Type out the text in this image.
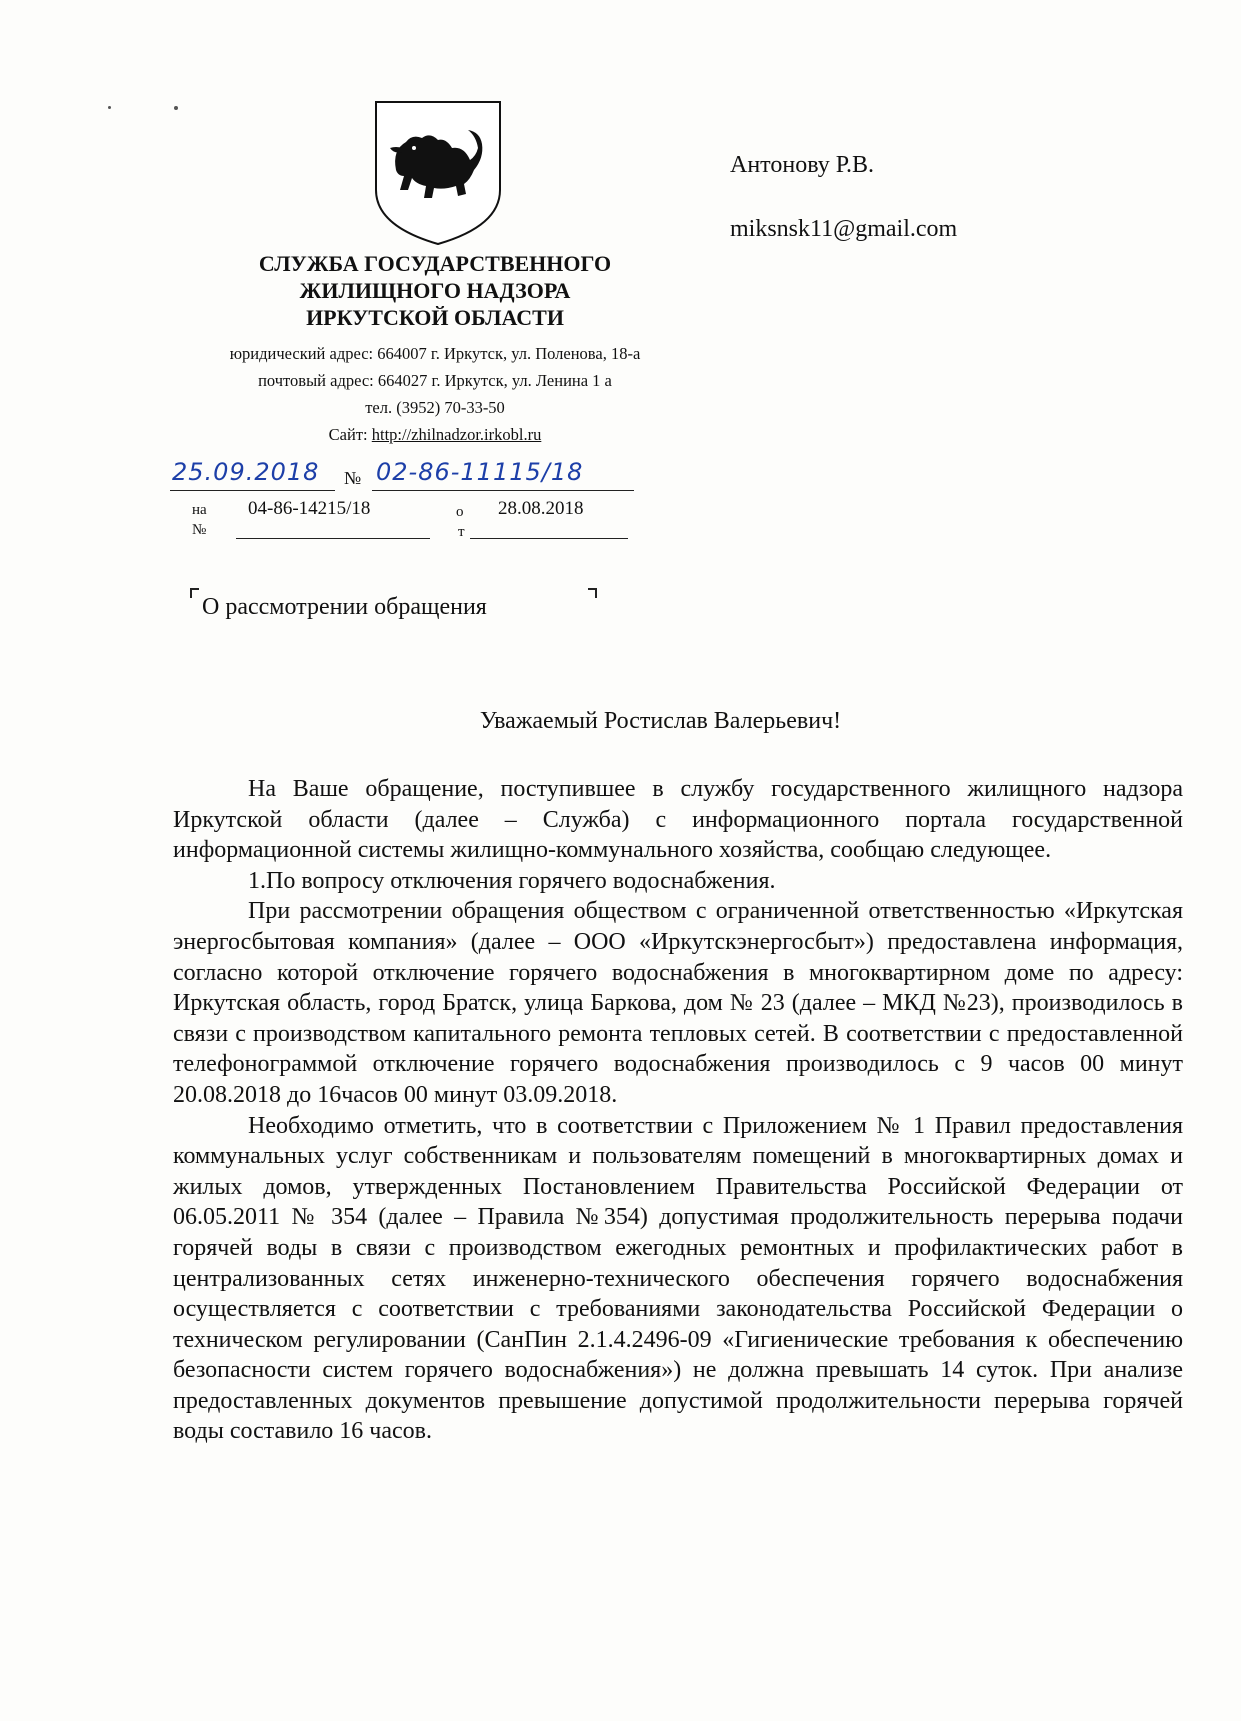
СЛУЖБА ГОСУДАРСТВЕННОГО
ЖИЛИЩНОГО НАДЗОРА
ИРКУТСКОЙ ОБЛАСТИ
юридический адрес: 664007 г. Иркутск, ул. Поленова, 18-а
почтовый адрес: 664027 г. Иркутск, ул. Ленина 1 а
тел. (3952) 70-33-50
Сайт: http://zhilnadzor.irkobl.ru
Антонову Р.В.
miksnsk11@gmail.com
25.09.2018 № 02-86-11115/18
на
№
04-86-14215/18	о
т
28.08.2018
О рассмотрении обращения
Уважаемый Ростислав Валерьевич!

На Ваше обращение, поступившее в службу государственного жилищного надзора Иркутской области (далее – Служба) с информационного портала государственной информационной системы жилищно-коммунального хозяйства, сообщаю следующее.

1.По вопросу отключения горячего водоснабжения.

При рассмотрении обращения обществом с ограниченной ответственностью «Иркутская энергосбытовая компания» (далее – ООО «Иркутскэнергосбыт») предоставлена информация, согласно которой отключение горячего водоснабжения в многоквартирном доме по адресу: Иркутская область, город Братск, улица Баркова, дом № 23 (далее – МКД №23), производилось в связи с производством капитального ремонта тепловых сетей. В соответствии с предоставленной телефонограммой отключение горячего водоснабжения производилось с 9 часов 00 минут 20.08.2018 до 16часов 00 минут 03.09.2018.

Необходимо отметить, что в соответствии с Приложением № 1 Правил предоставления коммунальных услуг собственникам и пользователям помещений в многоквартирных домах и жилых домов, утвержденных Постановлением Правительства Российской Федерации от 06.05.2011 № 354 (далее – Правила №354) допустимая продолжительность перерыва подачи горячей воды в связи с производством ежегодных ремонтных и профилактических работ в централизованных сетях инженерно-технического обеспечения горячего водоснабжения осуществляется с соответствии с требованиями законодательства Российской Федерации о техническом регулировании (СанПин 2.1.4.2496-09 «Гигиенические требования к обеспечению безопасности систем горячего водоснабжения») не должна превышать 14 суток. При анализе предоставленных документов превышение допустимой продолжительности перерыва горячей воды составило 16 часов.
